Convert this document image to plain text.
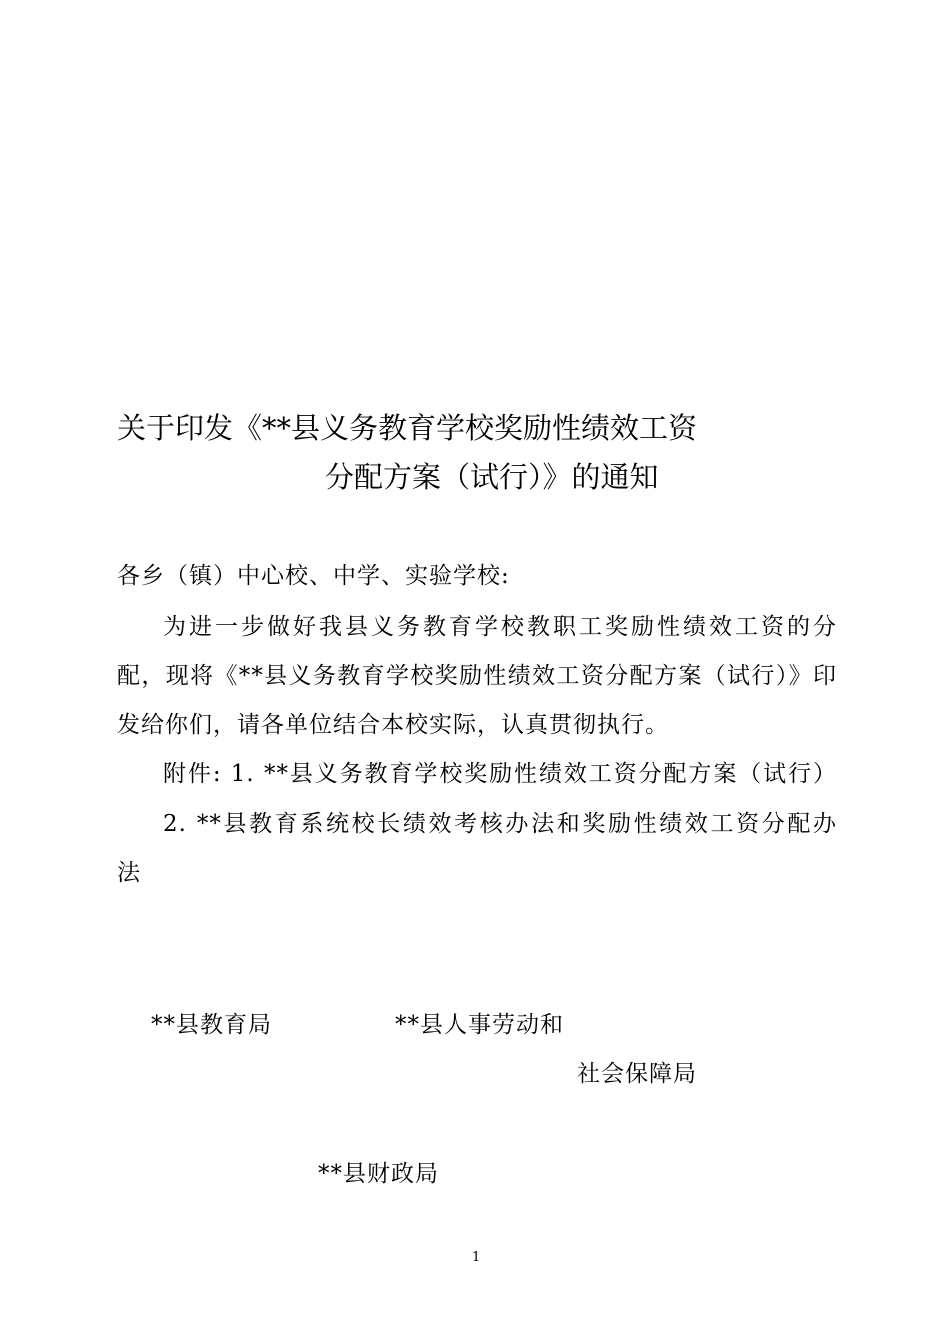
关于印发《**县义务教育学校奖励性绩效工资
分配方案（试行）》的通知
各乡（镇）中心校、中学、实验学校:
为进一步做好我县义务教育学校教职工奖励性绩效工资的分
配，现将《**县义务教育学校奖励性绩效工资分配方案（试行）》印
发给你们，请各单位结合本校实际，认真贯彻执行。
附件: 1. **县义务教育学校奖励性绩效工资分配方案（试行）
2. **县教育系统校长绩效考核办法和奖励性绩效工资分配办
法
**县教育局	**县人事劳动和
社会保障局
**县财政局
1
